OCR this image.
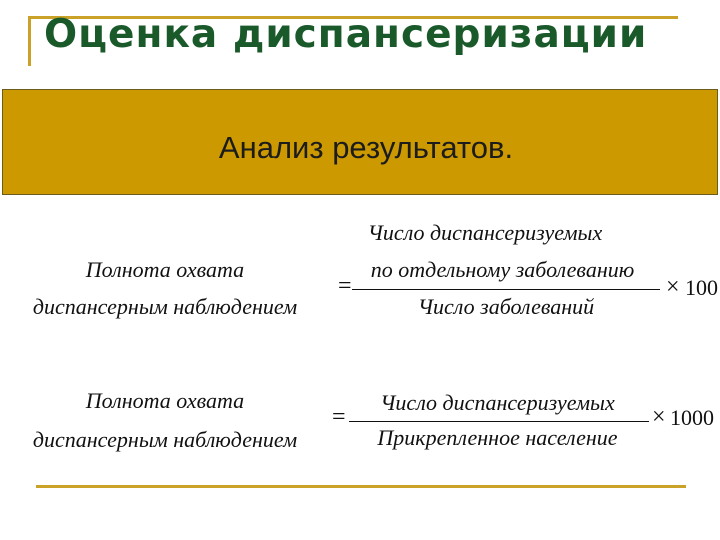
Оценка диспансеризации

Анализ результатов.

Полнота охвата

диспансерным наблюдением

=

Число диспансеризуемых

по отдельному заболеванию

Число заболеваний

× 100

Полнота охвата

диспансерным наблюдением

=

Число диспансеризуемых

Прикрепленное население

× 1000
